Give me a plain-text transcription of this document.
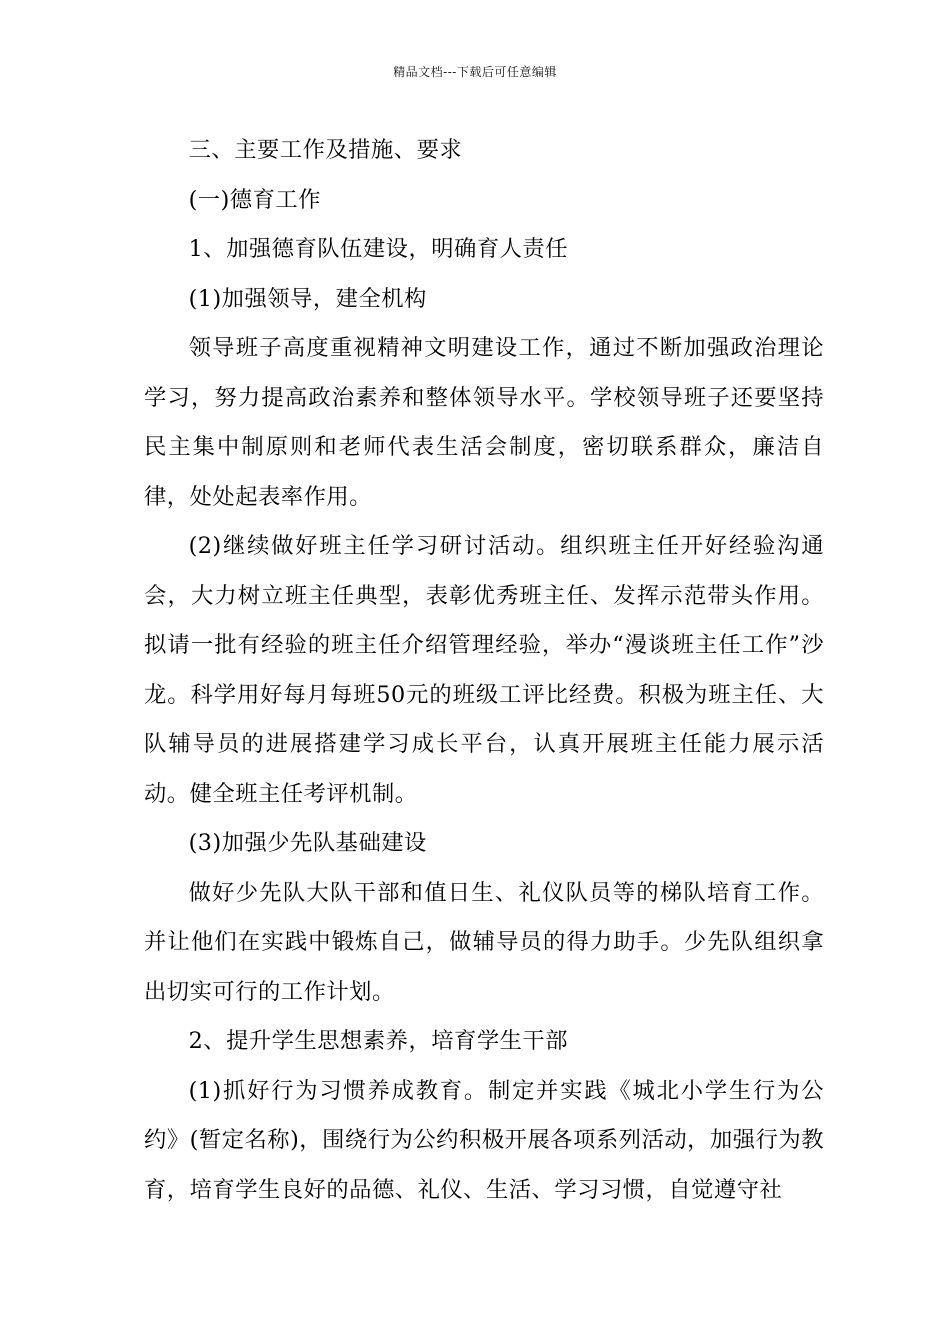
精品文档---下载后可任意编辑

三、主要工作及措施、要求

(一)德育工作

1、加强德育队伍建设，明确育人责任

(1)加强领导，建全机构

领导班子高度重视精神文明建设工作，通过不断加强政治理论学习，努力提高政治素养和整体领导水平。学校领导班子还要坚持民主集中制原则和老师代表生活会制度，密切联系群众，廉洁自律，处处起表率作用。

(2)继续做好班主任学习研讨活动。组织班主任开好经验沟通会，大力树立班主任典型，表彰优秀班主任、发挥示范带头作用。拟请一批有经验的班主任介绍管理经验，举办“漫谈班主任工作”沙龙。科学用好每月每班50元的班级工评比经费。积极为班主任、大队辅导员的进展搭建学习成长平台，认真开展班主任能力展示活动。健全班主任考评机制。

(3)加强少先队基础建设

做好少先队大队干部和值日生、礼仪队员等的梯队培育工作。并让他们在实践中锻炼自己，做辅导员的得力助手。少先队组织拿出切实可行的工作计划。

2、提升学生思想素养，培育学生干部

(1)抓好行为习惯养成教育。制定并实践《城北小学生行为公约》(暂定名称)，围绕行为公约积极开展各项系列活动，加强行为教育，培育学生良好的品德、礼仪、生活、学习习惯，自觉遵守社
